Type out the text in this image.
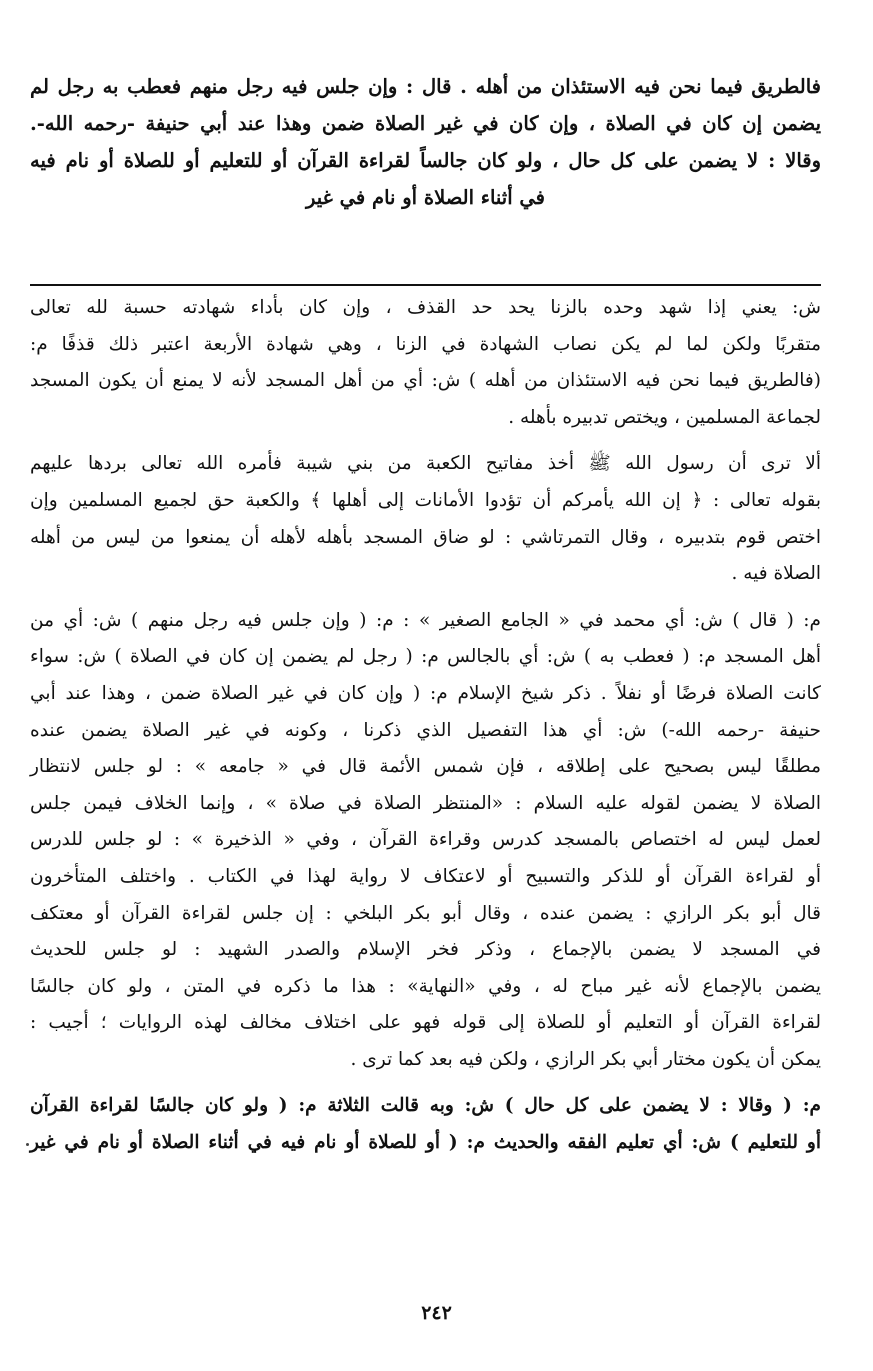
فالطريق فيما نحن فيه الاستئذان من أهله . قال : وإن جلس فيه رجل منهم فعطب به رجل لم

يضمن إن كان في الصلاة ، وإن كان في غير الصلاة ضمن وهذا عند أبي حنيفة -رحمه الله-.

وقالا : لا يضمن على كل حال ، ولو كان جالساً لقراءة القرآن أو للتعليم أو للصلاة أو نام فيه

في أثناء الصلاة أو نام في غير

ش: يعني إذا شهد وحده بالزنا يحد حد القذف ، وإن كان بأداء شهادته حسبة لله تعالى

متقربًا ولكن لما لم يكن نصاب الشهادة في الزنا ، وهي شهادة الأربعة اعتبر ذلك قذفًا م:

(فالطريق فيما نحن فيه الاستئذان من أهله ) ش: أي من أهل المسجد لأنه لا يمنع أن يكون المسجد

لجماعة المسلمين ، ويختص تدبيره بأهله .

ألا ترى أن رسول الله ﷺ أخذ مفاتيح الكعبة من بني شيبة فأمره الله تعالى بردها عليهم

بقوله تعالى : ﴿ إن الله يأمركم أن تؤدوا الأمانات إلى أهلها ﴾ والكعبة حق لجميع المسلمين وإن

اختص قوم بتدبيره ، وقال التمرتاشي : لو ضاق المسجد بأهله لأهله أن يمنعوا من ليس من أهله

الصلاة فيه .

م: ( قال ) ش: أي محمد في « الجامع الصغير » : م: ( وإن جلس فيه رجل منهم ) ش: أي من

أهل المسجد م: ( فعطب به ) ش: أي بالجالس م: ( رجل لم يضمن إن كان في الصلاة ) ش: سواء

كانت الصلاة فرضًا أو نفلاً . ذكر شيخ الإسلام م: ( وإن كان في غير الصلاة ضمن ، وهذا عند أبي

حنيفة -رحمه الله-) ش: أي هذا التفصيل الذي ذكرنا ، وكونه في غير الصلاة يضمن عنده

مطلقًا ليس بصحيح على إطلاقه ، فإن شمس الأئمة قال في « جامعه » : لو جلس لانتظار

الصلاة لا يضمن لقوله عليه السلام : «المنتظر الصلاة في صلاة » ، وإنما الخلاف فيمن جلس

لعمل ليس له اختصاص بالمسجد كدرس وقراءة القرآن ، وفي « الذخيرة » : لو جلس للدرس

أو لقراءة القرآن أو للذكر والتسبيح أو لاعتكاف لا رواية لهذا في الكتاب . واختلف المتأخرون

قال أبو بكر الرازي : يضمن عنده ، وقال أبو بكر البلخي : إن جلس لقراءة القرآن أو معتكف

في المسجد لا يضمن بالإجماع ، وذكر فخر الإسلام والصدر الشهيد : لو جلس للحديث

يضمن بالإجماع لأنه غير مباح له ، وفي «النهاية» : هذا ما ذكره في المتن ، ولو كان جالسًا

لقراءة القرآن أو التعليم أو للصلاة إلى قوله فهو على اختلاف مخالف لهذه الروايات ؛ أجيب :

يمكن أن يكون مختار أبي بكر الرازي ، ولكن فيه بعد كما ترى .

م: ( وقالا : لا يضمن على كل حال ) ش: وبه قالت الثلاثة م: ( ولو كان جالسًا لقراءة القرآن

أو للتعليم ) ش: أي تعليم الفقه والحديث م: ( أو للصلاة أو نام فيه في أثناء الصلاة أو نام في غير

٢٤٢
